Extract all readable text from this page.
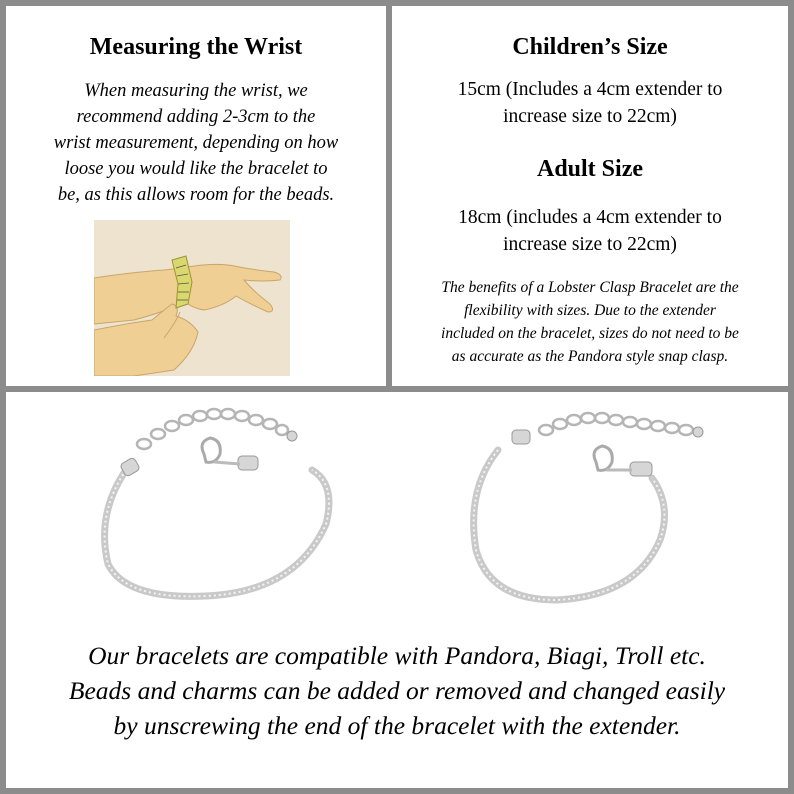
Measuring the Wrist
When measuring the wrist, we
recommend adding 2-3cm to the
wrist measurement, depending on how
loose you would like the bracelet to
be, as this allows room for the beads.
Children’s Size
15cm (Includes a 4cm extender to
increase size to 22cm)
Adult Size
18cm (includes a 4cm extender to
increase size to 22cm)
The benefits of a Lobster Clasp Bracelet are the
flexibility with sizes. Due to the extender
included on the bracelet, sizes do not need to be
as accurate as the Pandora style snap clasp.
Our bracelets are compatible with Pandora, Biagi, Troll etc.
Beads and charms can be added or removed and changed easily
by unscrewing the end of the bracelet with the extender.
